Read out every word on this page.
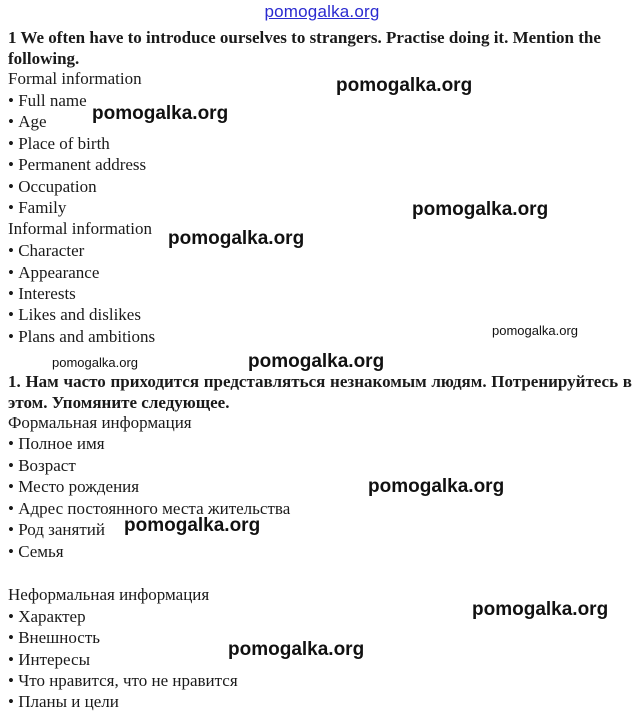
pomogalka.org

1 We often have to introduce ourselves to strangers. Practise doing it. Mention the following.

Formal information
• Full name
• Age
• Place of birth
• Permanent address
• Occupation
• Family
Informal information
• Character
• Appearance
• Interests
• Likes and dislikes
• Plans and ambitions

1. Нам часто приходится представляться незнакомым людям. Потренируйтесь в этом. Упомяните следующее.

Формальная информация
• Полное имя
• Возраст
• Место рождения
• Адрес постоянного места жительства
• Род занятий
• Семья
Неформальная информация
• Характер
• Внешность
• Интересы
• Что нравится, что не нравится
• Планы и цели
pomogalka.org
pomogalka.org
pomogalka.org
pomogalka.org
pomogalka.org
pomogalka.org	pomogalka.org
pomogalka.org
pomogalka.org
pomogalka.org
pomogalka.org
